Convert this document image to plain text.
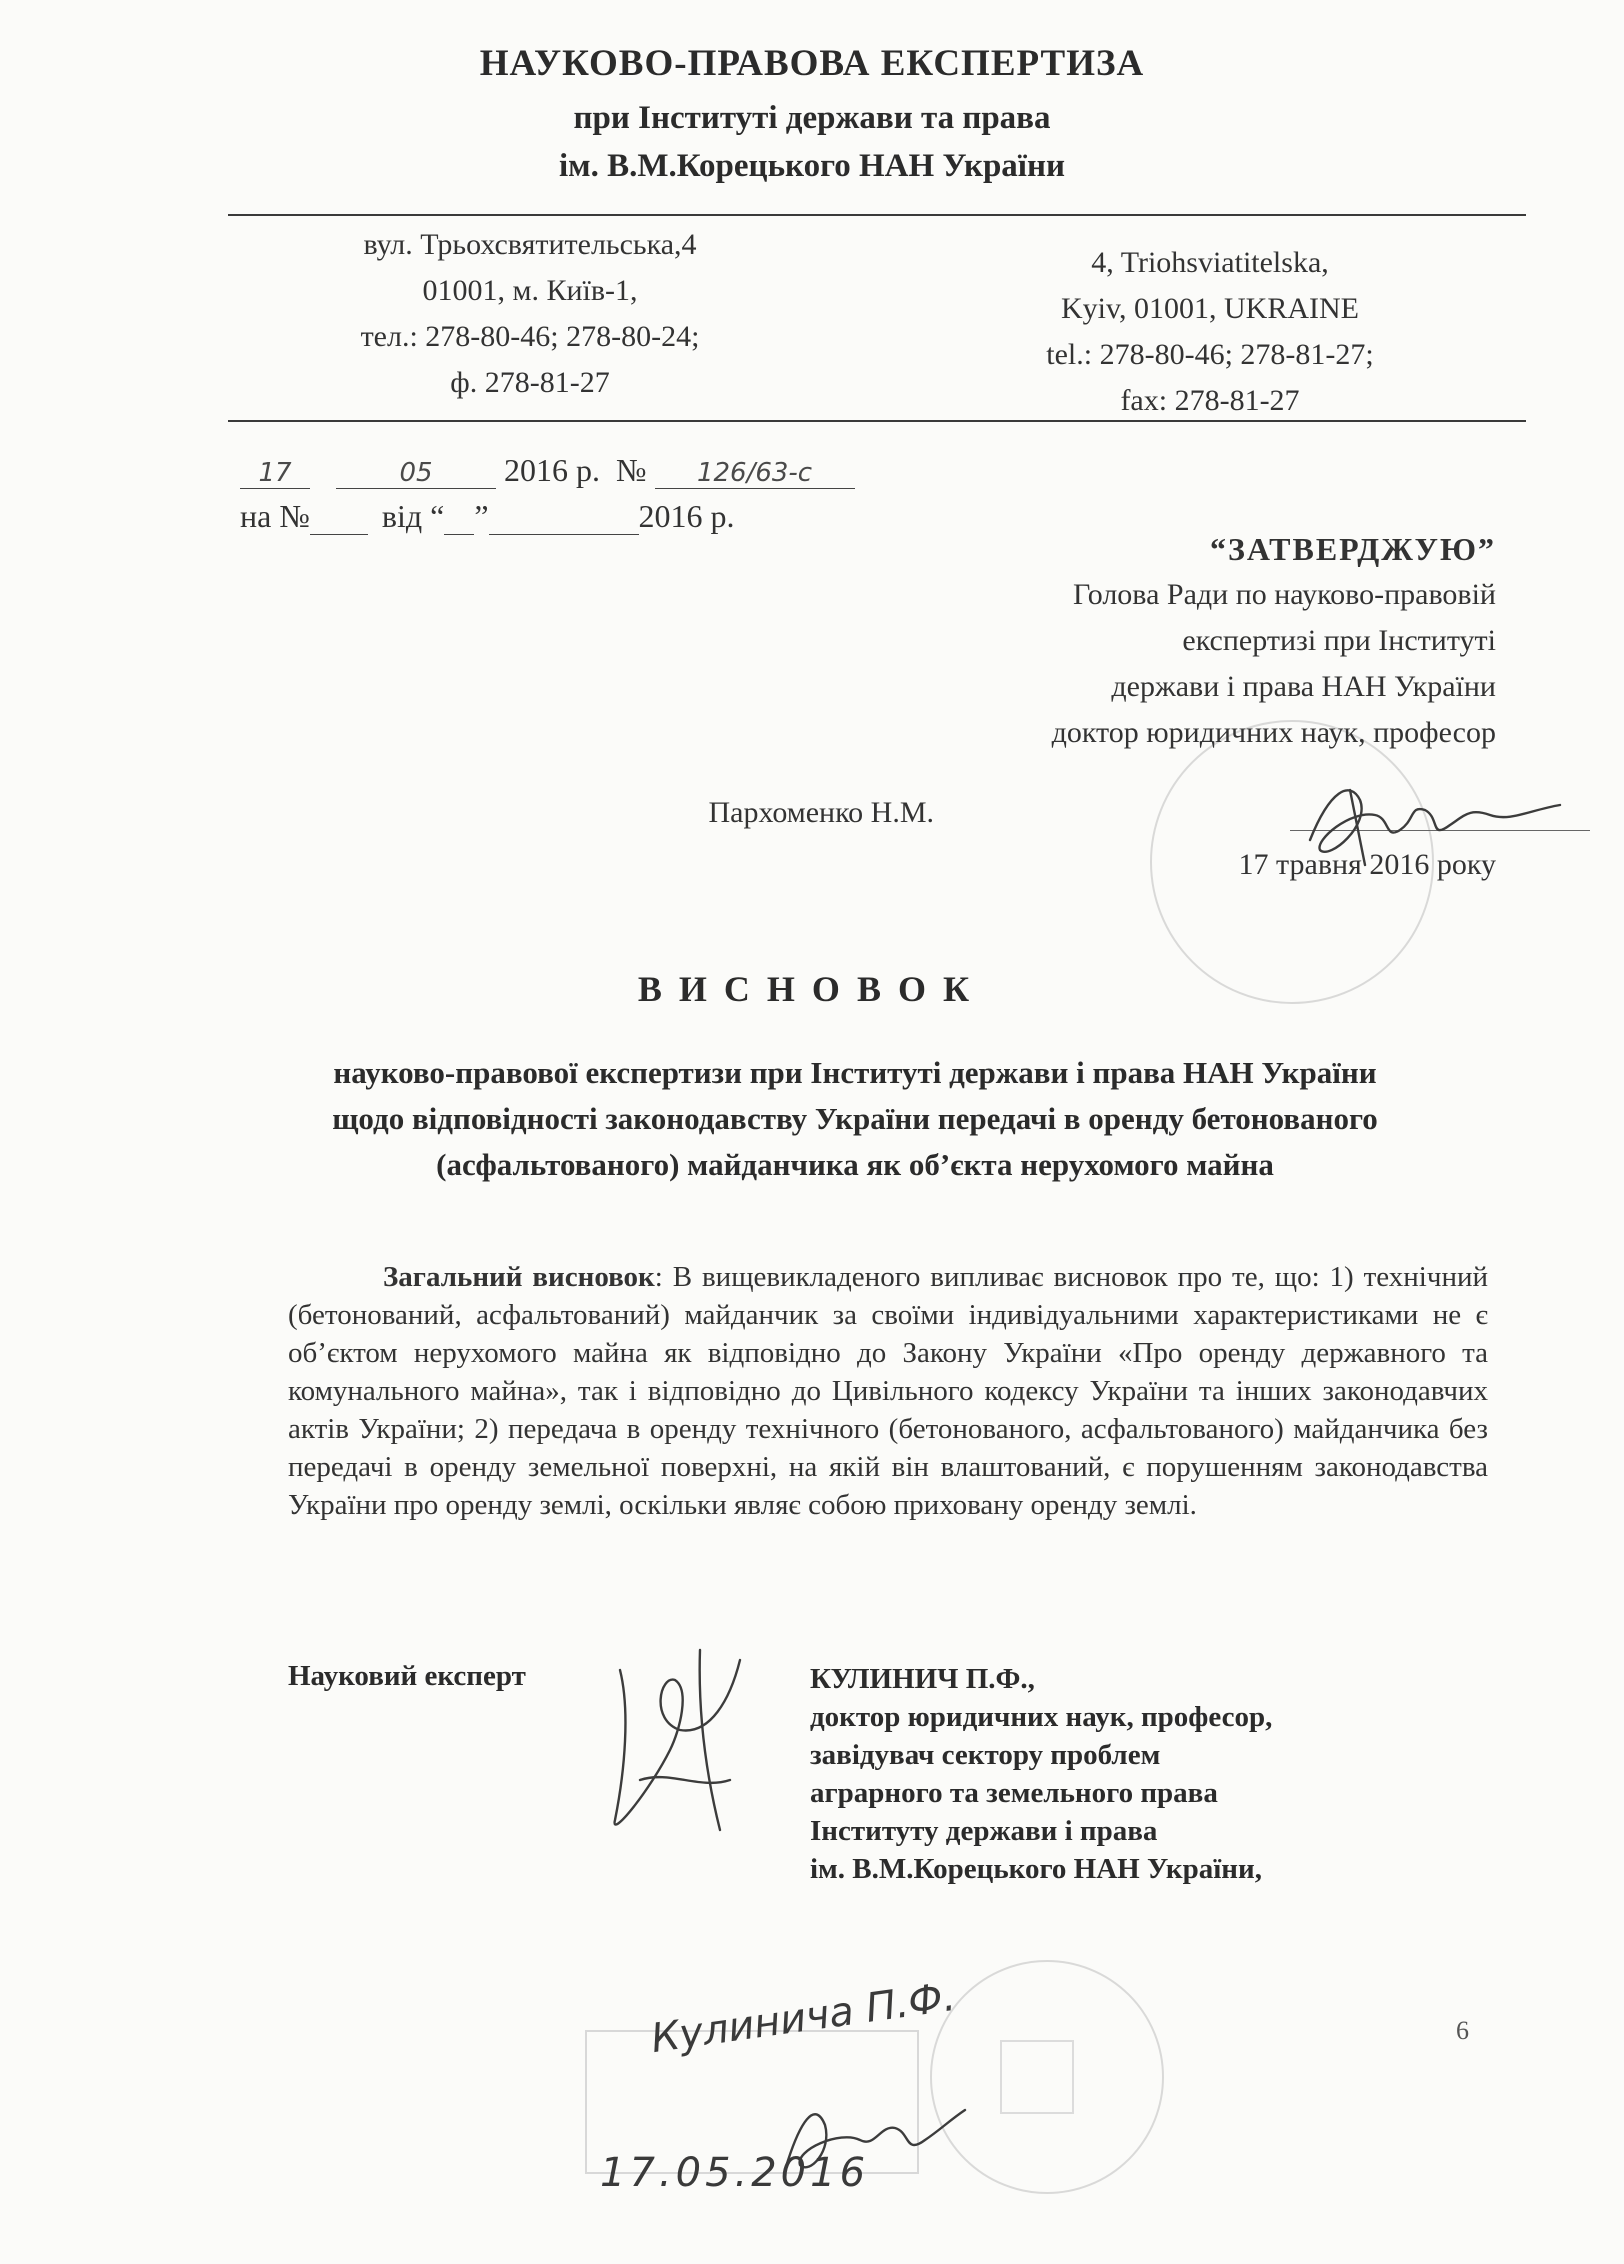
НАУКОВО-ПРАВОВА ЕКСПЕРТИЗА
при Інституті держави та права
ім. В.М.Корецького НАН України
вул. Трьохсвятительська,4
01001, м. Київ-1,
тел.: 278-80-46; 278-80-24;
ф. 278-81-27
4, Triohsviatitelska,
Kyiv, 01001, UKRAINE
tel.: 278-80-46; 278-81-27;
fax: 278-81-27
17
	05	2016 р. №	126/63-с
на № від “ ”	2016 р.
“ЗАТВЕРДЖУЮ”
Голова Ради по науково-правовій
експертизі при Інституті
держави і права НАН України
доктор юридичних наук, професор
Пархоменко Н.М.
17 травня 2016 року
ВИСНОВОК
науково-правової експертизи при Інституті держави і права НАН України
щодо відповідності законодавству України передачі в оренду бетонованого
(асфальтованого) майданчика як об’єкта нерухомого майна
Загальний висновок: В вищевикладеного випливає висновок про те, що: 1) технічний (бетонований, асфальтований) майданчик за своїми індивідуальними характеристиками не є об’єктом нерухомого майна як відповідно до Закону України «Про оренду державного та комунального майна», так і відповідно до Цивільного кодексу України та інших законодавчих актів України; 2) передача в оренду технічного (бетонованого, асфальтованого) майданчика без передачі в оренду земельної поверхні, на якій він влаштований, є порушенням законодавства України про оренду землі, оскільки являє собою приховану оренду землі.
Науковий експерт	КУЛИНИЧ П.Ф.,
доктор юридичних наук, професор,
завідувач сектору проблем
аграрного та земельного права
Інституту держави і права
ім. В.М.Корецького НАН України,
Кулинича П.Ф.
17.05.2016
6
